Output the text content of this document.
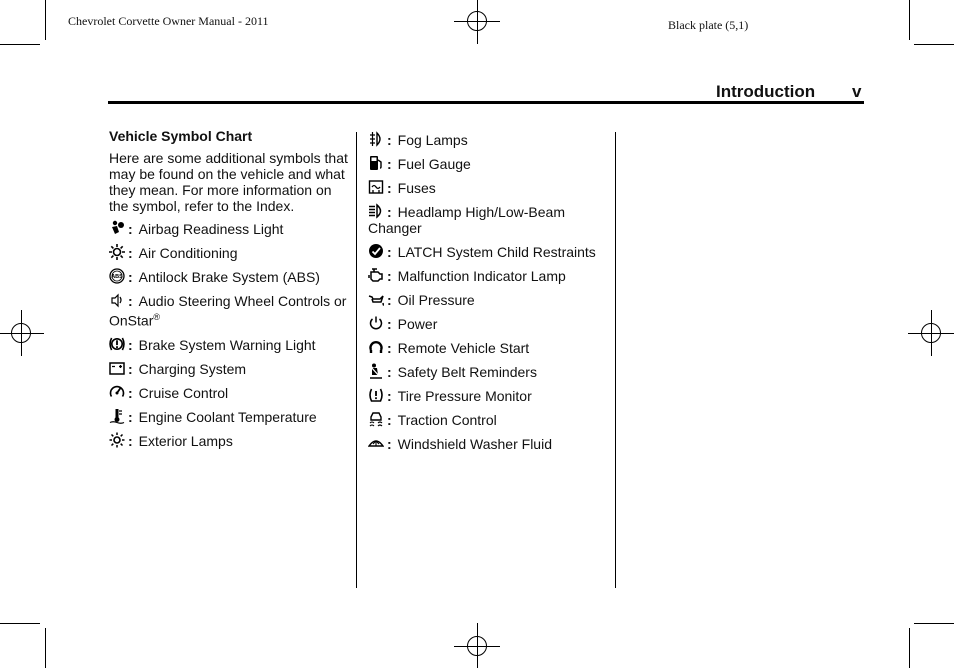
Chevrolet Corvette Owner Manual - 2011	Black plate (5,1)
Introduction v
Vehicle Symbol Chart
Here are some additional symbols that may be found on the vehicle and what they mean. For more information on the symbol, refer to the Index.
: Airbag Readiness Light
: Air Conditioning
ABS : Antilock Brake System (ABS)
: Audio Steering Wheel Controls or OnStar®
: Brake System Warning Light
: Charging System
: Cruise Control
: Engine Coolant Temperature
: Exterior Lamps
: Fog Lamps
: Fuel Gauge
: Fuses
: Headlamp High/Low-Beam Changer
: LATCH System Child Restraints
: Malfunction Indicator Lamp
: Oil Pressure
: Power
: Remote Vehicle Start
: Safety Belt Reminders
: Tire Pressure Monitor
: Traction Control
: Windshield Washer Fluid
